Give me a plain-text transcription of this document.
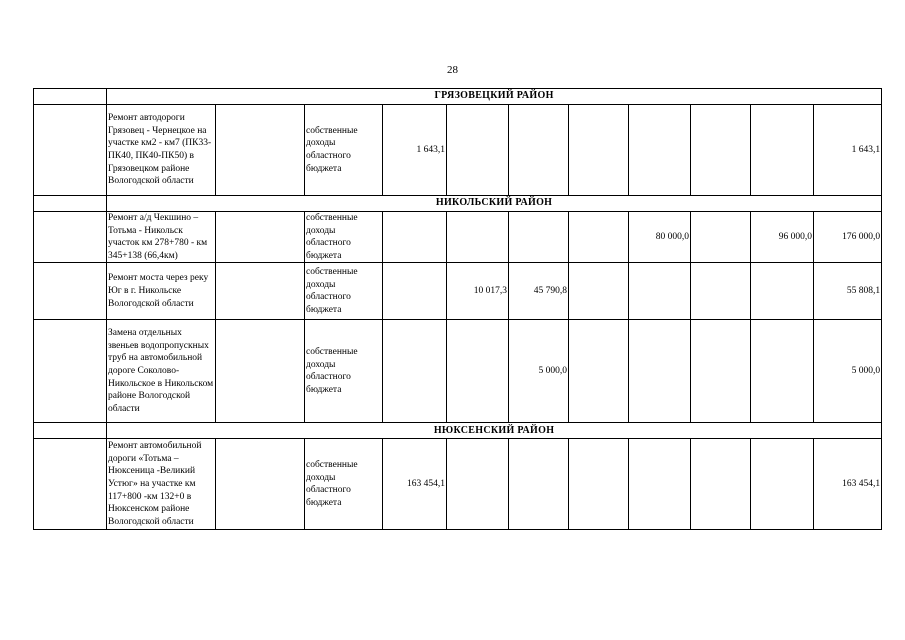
28
	ГРЯЗОВЕЦКИЙ РАЙОН										
	Ремонт автодороги Грязовец - Чернецкое на участке км2 - км7 (ПК33-ПК40, ПК40-ПК50) в Грязовецком районе Вологодской области		собственные доходы областного бюджета	1 643,1							1 643,1
	НИКОЛЬСКИЙ РАЙОН										
	Ремонт а/д Чекшино – Тотьма - Никольск участок км 278+780 - км 345+138 (66,4км)		собственные доходы областного бюджета					80 000,0		96 000,0	176 000,0
	Ремонт моста через реку Юг в г. Никольске Вологодской области		собственные доходы областного бюджета		10 017,3	45 790,8					55 808,1
	Замена отдельных звеньев водопропускных труб на автомобильной дороге Соколово-Никольское в Никольском районе Вологодской области		собственные доходы областного бюджета			5 000,0					5 000,0
	НЮКСЕНСКИЙ РАЙОН										
	Ремонт автомобильной дороги «Тотьма – Нюксеница -Великий Устюг» на участке км 117+800 -км 132+0 в Нюксенском районе Вологодской области		собственные доходы областного бюджета	163 454,1							163 454,1
